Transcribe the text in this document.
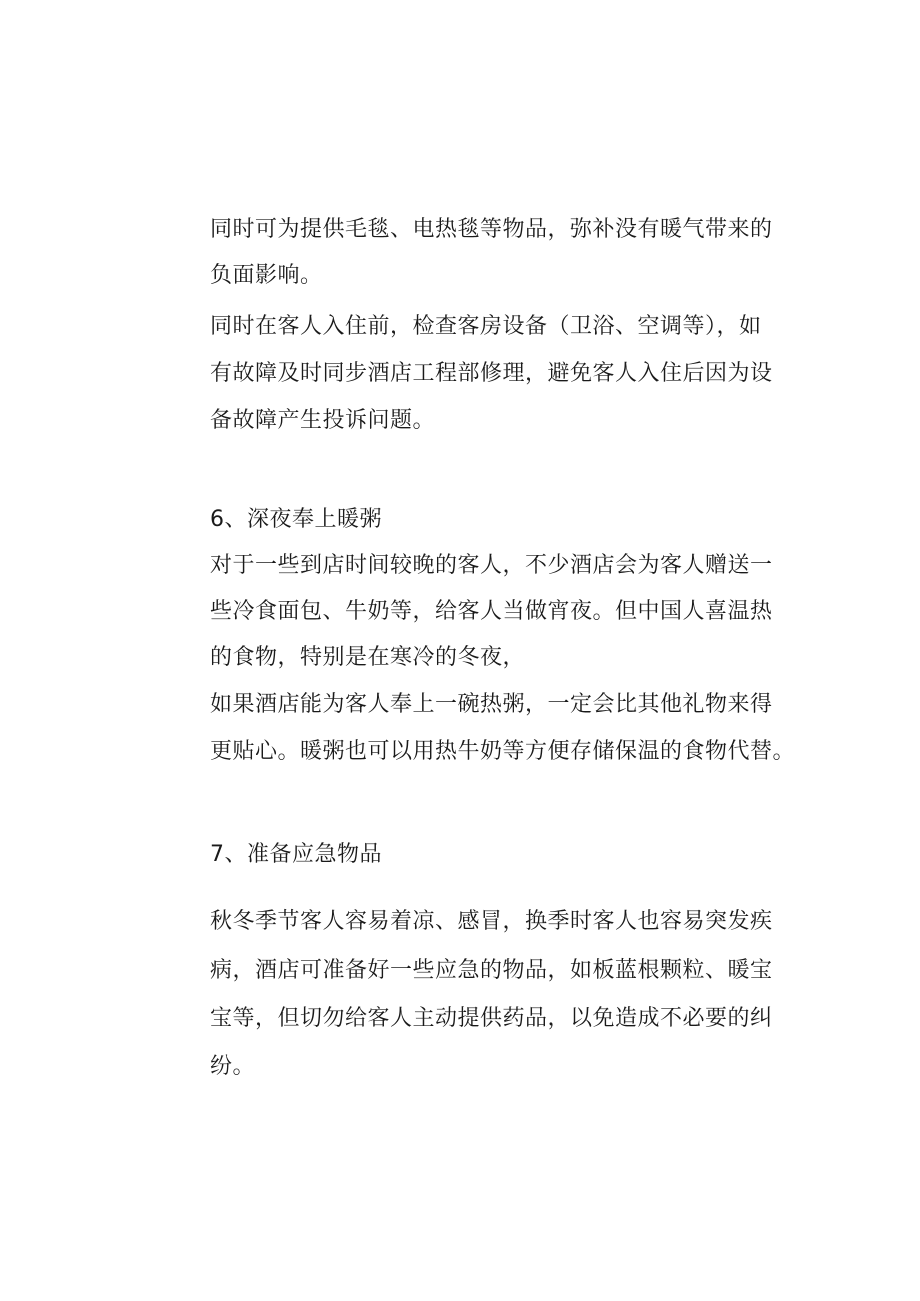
同时可为提供毛毯、电热毯等物品，弥补没有暖气带来的
负面影响。
同时在客人入住前，检查客房设备（卫浴、空调等），如
有故障及时同步酒店工程部修理，避免客人入住后因为设
备故障产生投诉问题。
6、深夜奉上暖粥
对于一些到店时间较晚的客人，不少酒店会为客人赠送一
些冷食面包、牛奶等，给客人当做宵夜。但中国人喜温热
的食物，特别是在寒冷的冬夜，
如果酒店能为客人奉上一碗热粥，一定会比其他礼物来得
更贴心。暖粥也可以用热牛奶等方便存储保温的食物代替。
7、准备应急物品
秋冬季节客人容易着凉、感冒，换季时客人也容易突发疾
病，酒店可准备好一些应急的物品，如板蓝根颗粒、暖宝
宝等，但切勿给客人主动提供药品，以免造成不必要的纠
纷。
